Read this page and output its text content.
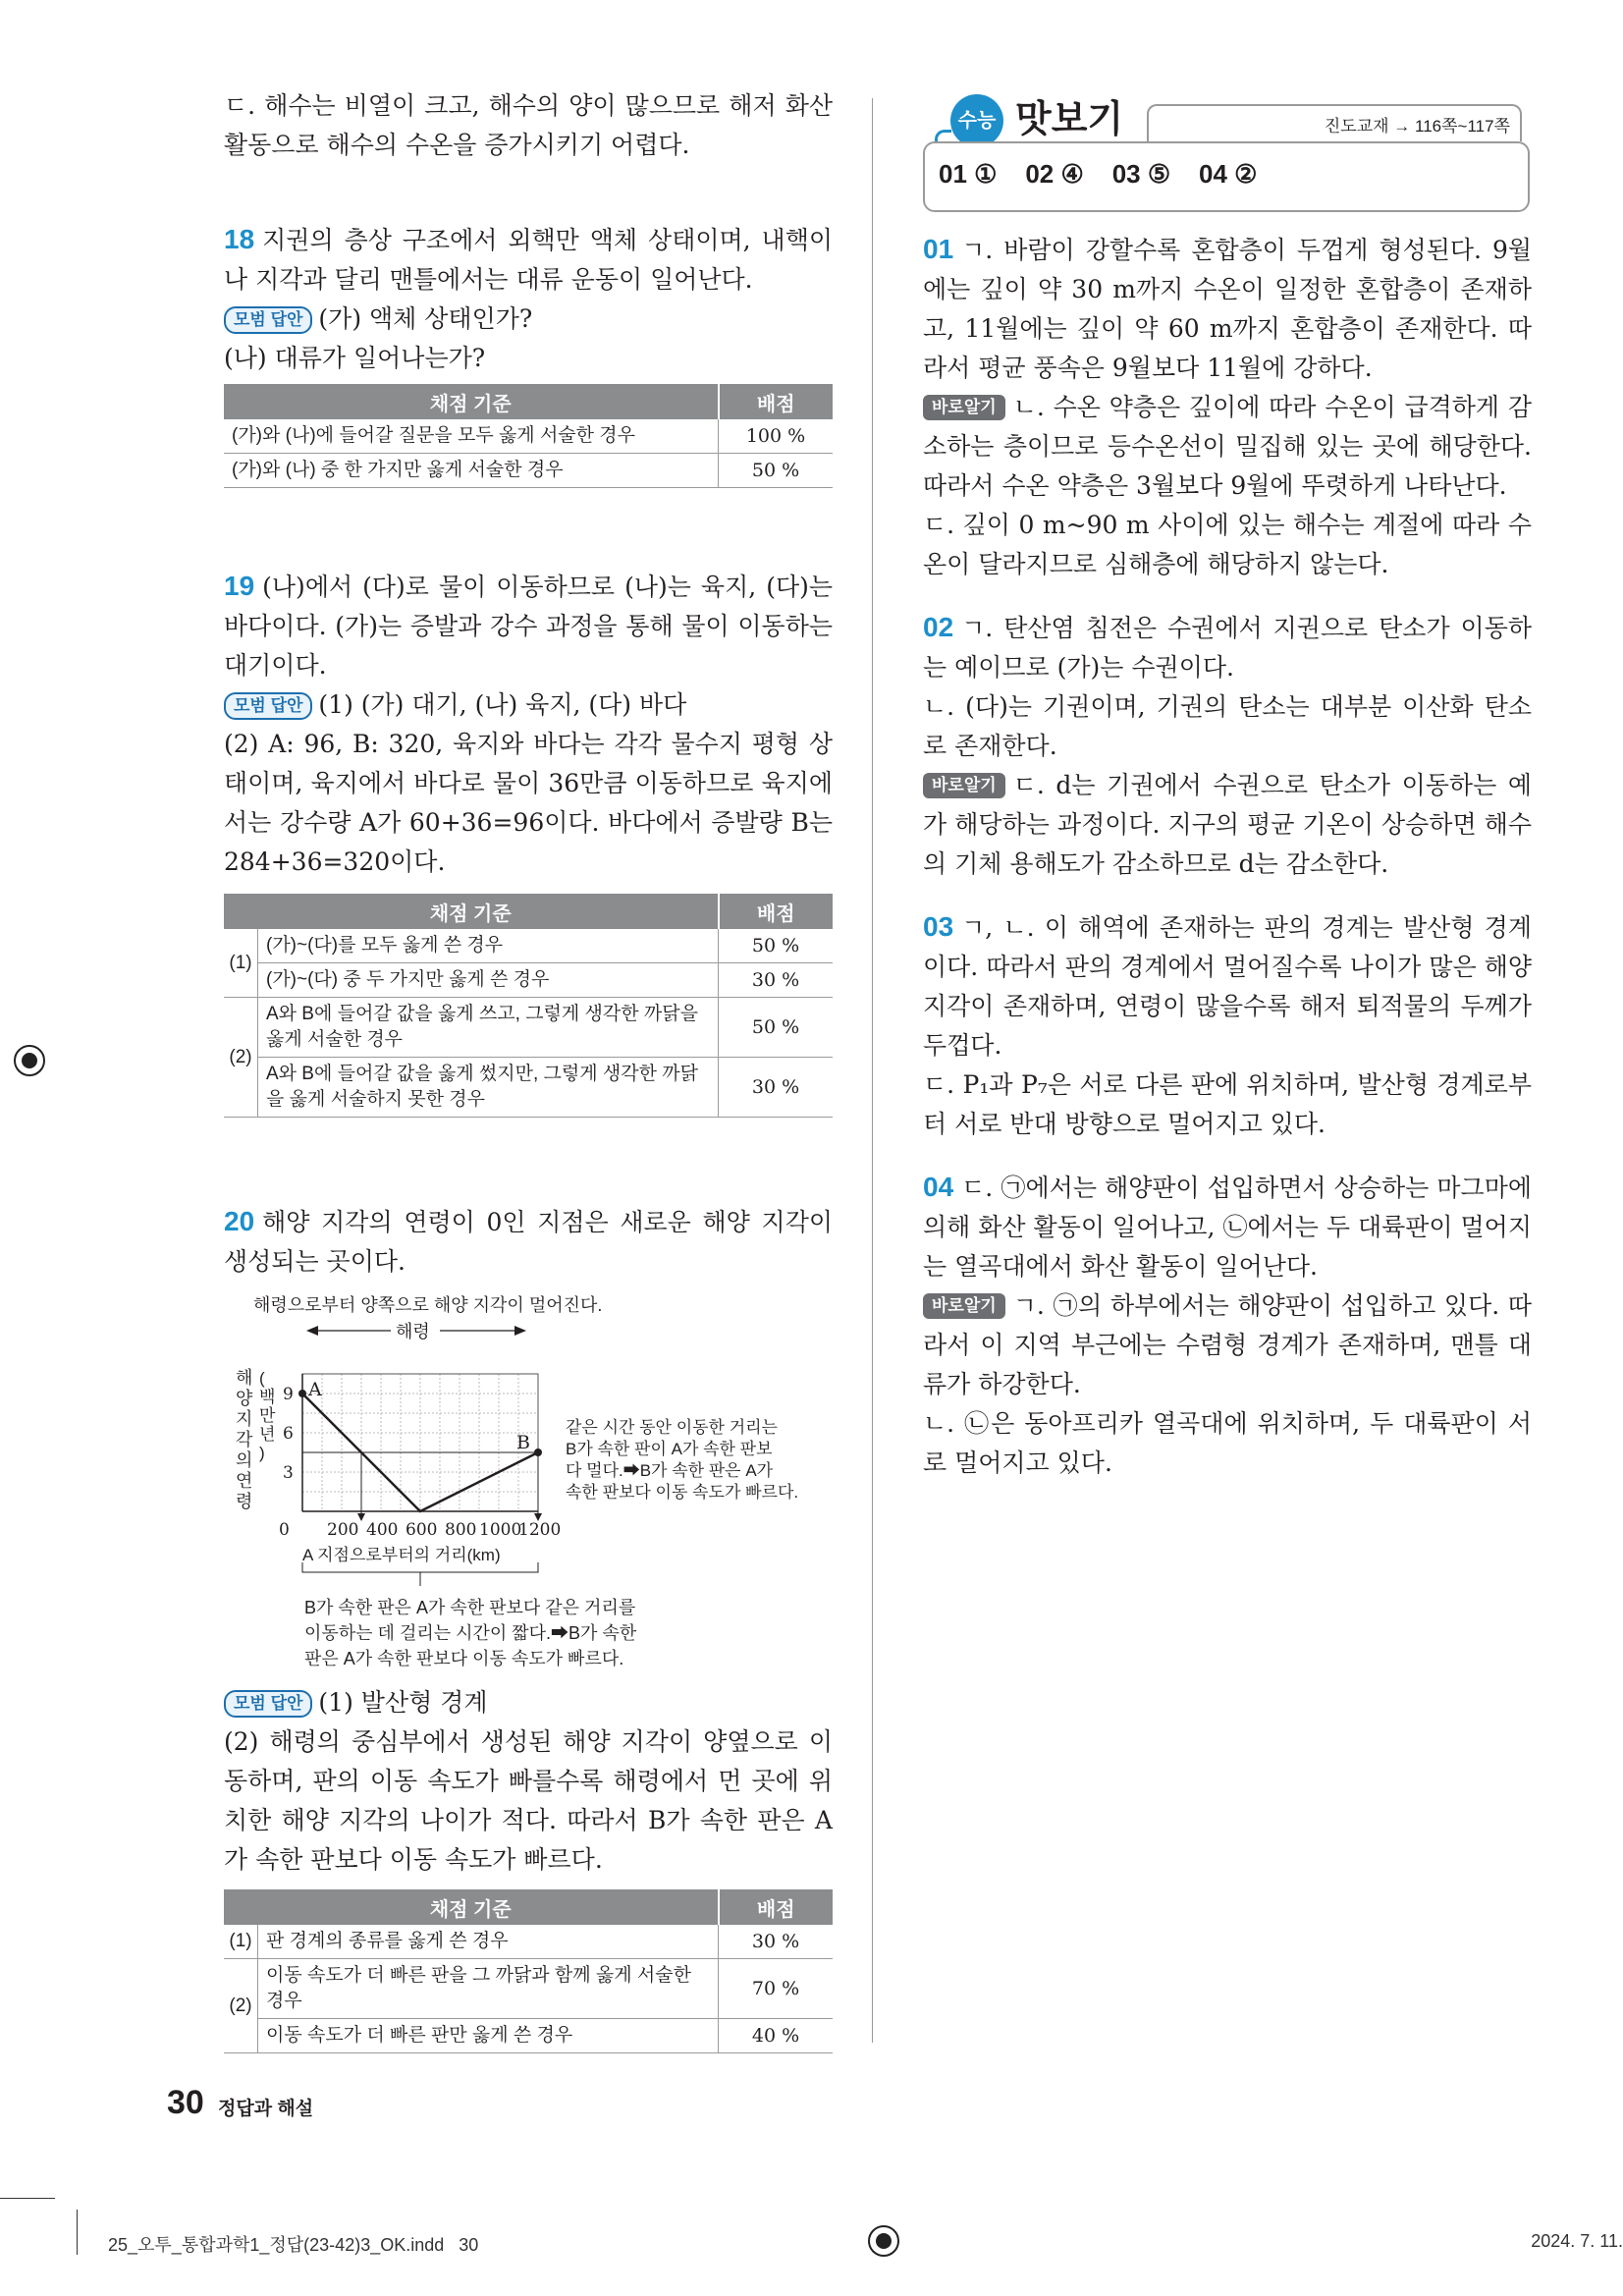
ㄷ. 해수는 비열이 크고, 해수의 양이 많으므로 해저 화산 활동으로 해수의 수온을 증가시키기 어렵다.

18 지권의 층상 구조에서 외핵만 액체 상태이며, 내핵이나 지각과 달리 맨틀에서는 대류 운동이 일어난다.

모범 답안 (가) 액체 상태인가?

(나) 대류가 일어나는가?

채점 기준	배점
(가)와 (나)에 들어갈 질문을 모두 옳게 서술한 경우	100 %
(가)와 (나) 중 한 가지만 옳게 서술한 경우	50 %

19 (나)에서 (다)로 물이 이동하므로 (나)는 육지, (다)는 바다이다. (가)는 증발과 강수 과정을 통해 물이 이동하는 대기이다.

모범 답안 (1) (가) 대기, (나) 육지, (다) 바다

(2) A: 96, B: 320, 육지와 바다는 각각 물수지 평형 상태이며, 육지에서 바다로 물이 36만큼 이동하므로 육지에서는 강수량 A가 60+36=96이다. 바다에서 증발량 B는 284+36=320이다.

채점 기준		배점
(1)	(가)~(다)를 모두 옳게 쓴 경우	50 %
	(가)~(다) 중 두 가지만 옳게 쓴 경우	30 %
(2)	A와 B에 들어갈 값을 옳게 쓰고, 그렇게 생각한 까닭을 옳게 서술한 경우	50 %
	A와 B에 들어갈 값을 옳게 썼지만, 그렇게 생각한 까닭을 옳게 서술하지 못한 경우	30 %

20 해양 지각의 연령이 0인 지점은 새로운 해양 지각이 생성되는 곳이다.

A
B
0 200 400 600 800 1000
1200
3
6
9
A 지점으로부터의 거리(km)
해 양 지 각 의 연 령
( 백 만 년 )
해령으로부터 양쪽으로 해양 지각이 멀어진다.
해령
같은 시간 동안 이동한 거리는
B가 속한 판이 A가 속한 판보
다 멀다.➡B가 속한 판은 A가
속한 판보다 이동 속도가 빠르다.
B가 속한 판은 A가 속한 판보다 같은 거리를
이동하는 데 걸리는 시간이 짧다.➡B가 속한
판은 A가 속한 판보다 이동 속도가 빠르다.

모범 답안 (1) 발산형 경계

(2) 해령의 중심부에서 생성된 해양 지각이 양옆으로 이동하며, 판의 이동 속도가 빠를수록 해령에서 먼 곳에 위치한 해양 지각의 나이가 적다. 따라서 B가 속한 판은 A가 속한 판보다 이동 속도가 빠르다.

채점 기준		배점
(1)	판 경계의 종류를 옳게 쓴 경우	30 %
(2)	이동 속도가 더 빠른 판을 그 까닭과 함께 옳게 서술한 경우	70 %
	이동 속도가 더 빠른 판만 옳게 쓴 경우	40 %
수능 맛보기	진도교재 → 116쪽~117쪽
01 ①    02 ④    03 ⑤    04 ②

01 ㄱ. 바람이 강할수록 혼합층이 두껍게 형성된다. 9월에는 깊이 약 30 m까지 수온이 일정한 혼합층이 존재하고, 11월에는 깊이 약 60 m까지 혼합층이 존재한다. 따라서 평균 풍속은 9월보다 11월에 강하다.

바로알기 ㄴ. 수온 약층은 깊이에 따라 수온이 급격하게 감소하는 층이므로 등수온선이 밀집해 있는 곳에 해당한다. 따라서 수온 약층은 3월보다 9월에 뚜렷하게 나타난다.

ㄷ. 깊이 0 m~90 m 사이에 있는 해수는 계절에 따라 수온이 달라지므로 심해층에 해당하지 않는다.

02 ㄱ. 탄산염 침전은 수권에서 지권으로 탄소가 이동하는 예이므로 (가)는 수권이다.

ㄴ. (다)는 기권이며, 기권의 탄소는 대부분 이산화 탄소로 존재한다.

바로알기 ㄷ. d는 기권에서 수권으로 탄소가 이동하는 예가 해당하는 과정이다. 지구의 평균 기온이 상승하면 해수의 기체 용해도가 감소하므로 d는 감소한다.

03 ㄱ, ㄴ. 이 해역에 존재하는 판의 경계는 발산형 경계이다. 따라서 판의 경계에서 멀어질수록 나이가 많은 해양 지각이 존재하며, 연령이 많을수록 해저 퇴적물의 두께가 두껍다.

ㄷ. P₁과 P₇은 서로 다른 판에 위치하며, 발산형 경계로부터 서로 반대 방향으로 멀어지고 있다.

04 ㄷ. ㉠에서는 해양판이 섭입하면서 상승하는 마그마에 의해 화산 활동이 일어나고, ㉡에서는 두 대륙판이 멀어지는 열곡대에서 화산 활동이 일어난다.

바로알기 ㄱ. ㉠의 하부에서는 해양판이 섭입하고 있다. 따라서 이 지역 부근에는 수렴형 경계가 존재하며, 맨틀 대류가 하강한다.

ㄴ. ㉡은 동아프리카 열곡대에 위치하며, 두 대륙판이 서로 멀어지고 있다.

30 정답과 해설
25_오투_통합과학1_정답(23-42)3_OK.indd   30	2024. 7. 11.
